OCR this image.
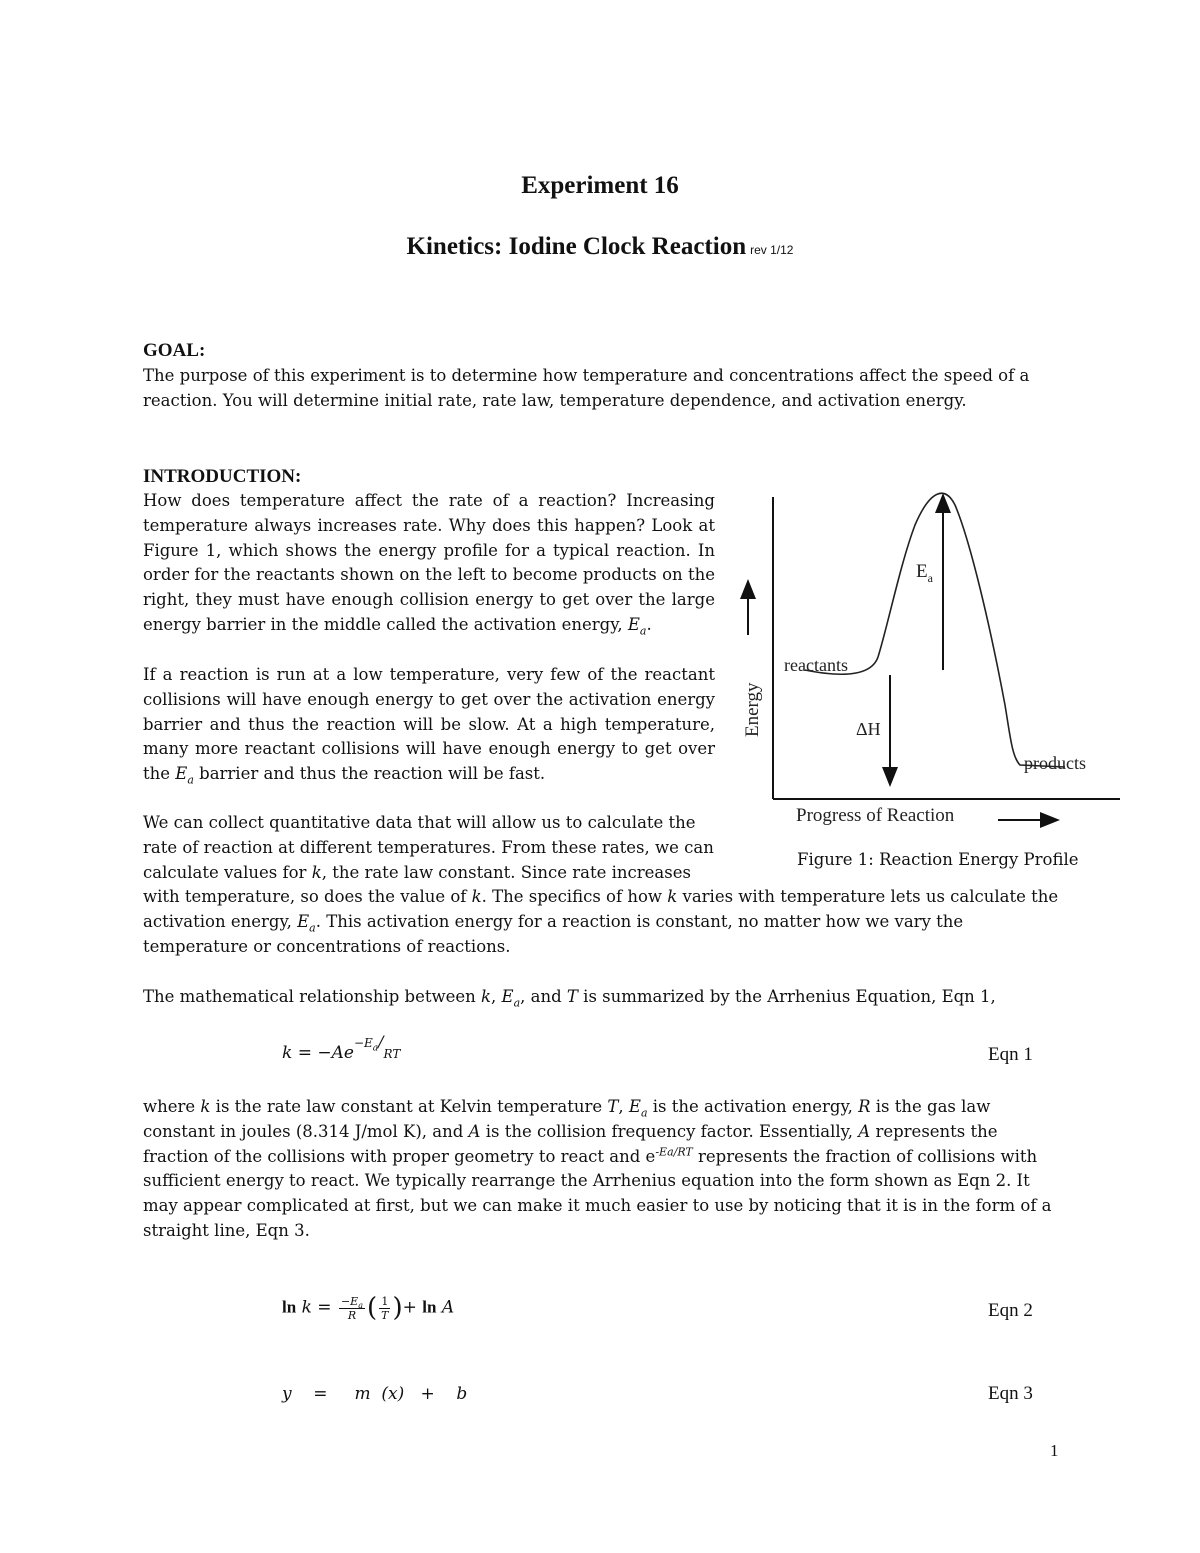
Experiment 16
Kinetics: Iodine Clock Reaction rev 1/12
GOAL:

The purpose of this experiment is to determine how temperature and concentrations affect the speed of a reaction. You will determine initial rate, rate law, temperature dependence, and activation energy.

INTRODUCTION:

How does temperature affect the rate of a reaction? Increasing temperature always increases rate. Why does this happen? Look at Figure 1, which shows the energy profile for a typical reaction. In order for the reactants shown on the left to become products on the right, they must have enough collision energy to get over the large energy barrier in the middle called the activation energy, $E_a$.

If a reaction is run at a low temperature, very few of the reactant collisions will have enough energy to get over the activation energy barrier and thus the reaction will be slow. At a high temperature, many more reactant collisions will have enough energy to get over the $E_a$ barrier and thus the reaction will be fast.

We can collect quantitative data that will allow us to calculate the rate of reaction at different temperatures. From these rates, we can calculate values for k, the rate law constant. Since rate increases with temperature, so does the value of k. The specifics of how k varies with temperature lets us calculate the activation energy, $E_a$. This activation energy for a reaction is constant, no matter how we vary the temperature or concentrations of reactions.

The mathematical relationship between k, $E_a$, and T is summarized by the Arrhenius Equation, Eqn 1,

$k = -Ae^{-E_a/}RT$	Eqn 1

where k is the rate law constant at Kelvin temperature T, $E_a$ is the activation energy, R is the gas law constant in joules (8.314 J/mol K), and A is the collision frequency factor. Essentially, A represents the fraction of the collisions with proper geometry to react and $e^{-Ea/RT}$ represents the fraction of collisions with sufficient energy to react. We typically rearrange the Arrhenius equation into the form shown as Eqn 2. It may appear complicated at first, but we can make it much easier to use by noticing that it is in the form of a straight line, Eqn 3.

$\ln k = \frac{-E_a}{R}$ ( $\frac{1}{T}$ )+ ln A	Eqn 2
y    =     m  (x)   +    b	Eqn 3
Energy
Progress of Reaction
reactants
products
$E_a$
ΔH

Figure 1: Reaction Energy Profile

1
